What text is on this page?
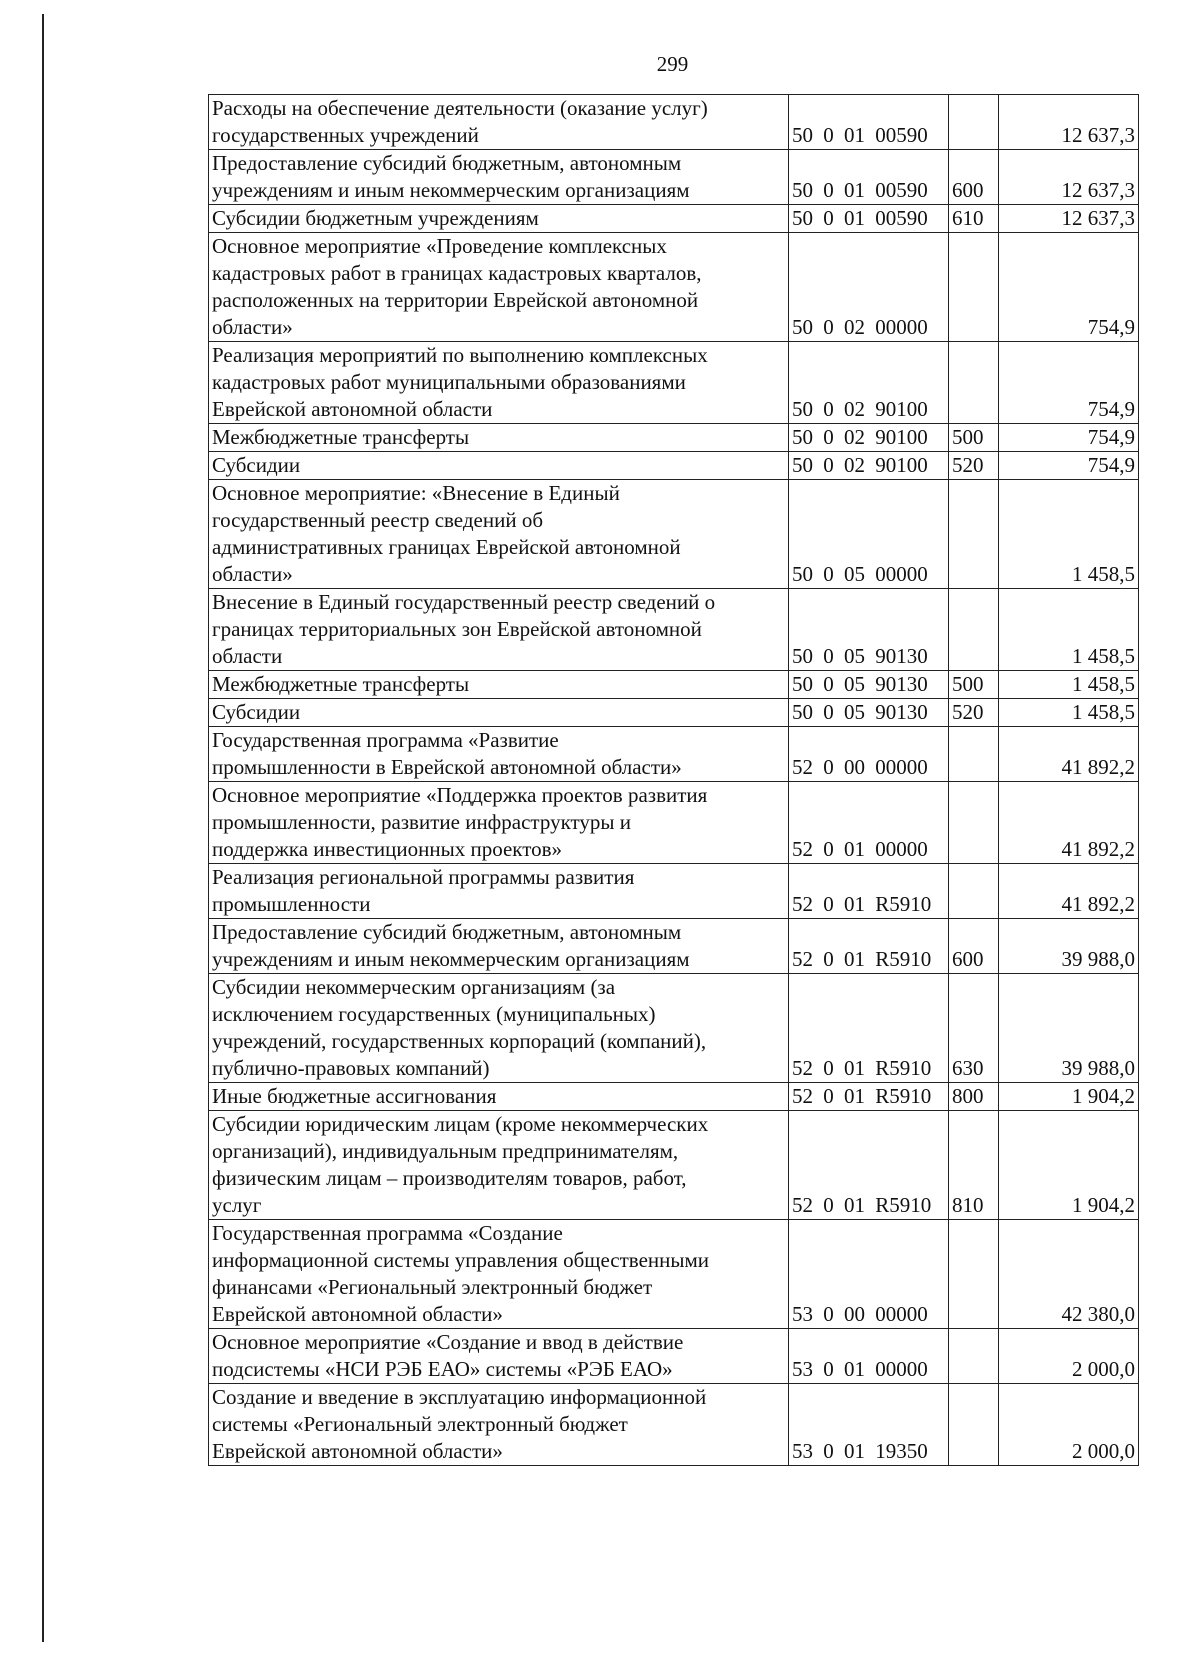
299
Расходы на обеспечение деятельности (оказание услуг)
государственных учреждений	50 0 01 00590		12 637,3

Предоставление субсидий бюджетным, автономным
учреждениям и иным некоммерческим организациям	50 0 01 00590	600	12 637,3

Субсидии бюджетным учреждениям	50 0 01 00590	610	12 637,3

Основное мероприятие «Проведение комплексных
кадастровых работ в границах кадастровых кварталов,
расположенных на территории Еврейской автономной
области»	50 0 02 00000		754,9

Реализация мероприятий по выполнению комплексных
кадастровых работ муниципальными образованиями
Еврейской автономной области	50 0 02 90100		754,9

Межбюджетные трансферты	50 0 02 90100	500	754,9

Субсидии	50 0 02 90100	520	754,9

Основное мероприятие: «Внесение в Единый
государственный реестр сведений об
административных границах Еврейской автономной
области»	50 0 05 00000		1 458,5

Внесение в Единый государственный реестр сведений о
границах территориальных зон Еврейской автономной
области	50 0 05 90130		1 458,5

Межбюджетные трансферты	50 0 05 90130	500	1 458,5

Субсидии	50 0 05 90130	520	1 458,5

Государственная программа «Развитие
промышленности в Еврейской автономной области»	52 0 00 00000		41 892,2

Основное мероприятие «Поддержка проектов развития
промышленности, развитие инфраструктуры и
поддержка инвестиционных проектов»	52 0 01 00000		41 892,2

Реализация региональной программы развития
промышленности	52 0 01 R5910		41 892,2

Предоставление субсидий бюджетным, автономным
учреждениям и иным некоммерческим организациям	52 0 01 R5910	600	39 988,0

Субсидии некоммерческим организациям (за
исключением государственных (муниципальных)
учреждений, государственных корпораций (компаний),
публично-правовых компаний)	52 0 01 R5910	630	39 988,0

Иные бюджетные ассигнования	52 0 01 R5910	800	1 904,2

Субсидии юридическим лицам (кроме некоммерческих
организаций), индивидуальным предпринимателям,
физическим лицам – производителям товаров, работ,
услуг	52 0 01 R5910	810	1 904,2

Государственная программа «Создание
информационной системы управления общественными
финансами «Региональный электронный бюджет
Еврейской автономной области»	53 0 00 00000		42 380,0

Основное мероприятие «Создание и ввод в действие
подсистемы «НСИ РЭБ ЕАО» системы «РЭБ ЕАО»	53 0 01 00000		2 000,0

Создание и введение в эксплуатацию информационной
системы «Региональный электронный бюджет
Еврейской автономной области»	53 0 01 19350		2 000,0
